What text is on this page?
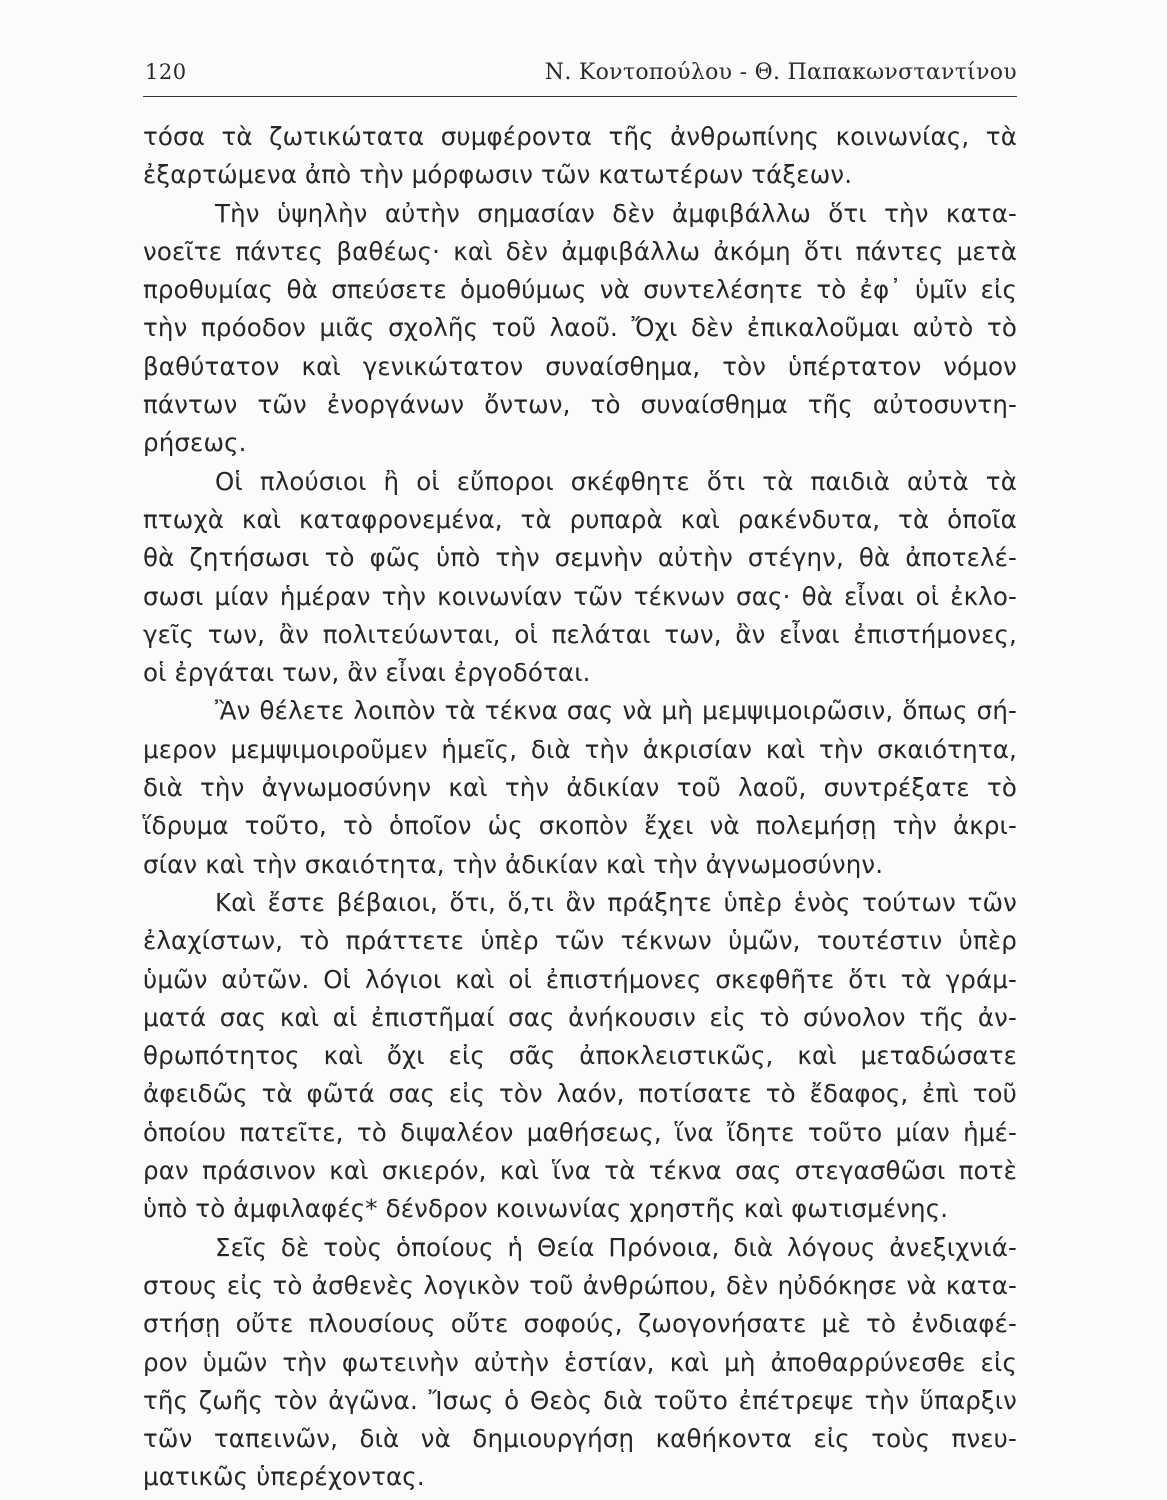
120	Ν. Κοντοπούλου - Θ. Παπακωνσταντίνου
τόσα τὰ ζωτικώτατα συμφέροντα τῆς ἀνθρωπίνης κοινωνίας, τὰ
ἐξαρτώμενα ἀπὸ τὴν μόρφωσιν τῶν κατωτέρων τάξεων.
Τὴν ὑψηλὴν αὐτὴν σημασίαν δὲν ἀμφιβάλλω ὅτι τὴν κατα-
νοεῖτε πάντες βαθέως· καὶ δὲν ἀμφιβάλλω ἀκόμη ὅτι πάντες μετὰ
προθυμίας θὰ σπεύσετε ὁμοθύμως νὰ συντελέσητε τὸ ἐφ᾽ ὑμῖν εἰς
τὴν πρόοδον μιᾶς σχολῆς τοῦ λαοῦ. Ὄχι δὲν ἐπικαλοῦμαι αὐτὸ τὸ
βαθύτατον καὶ γενικώτατον συναίσθημα, τὸν ὑπέρτατον νόμον
πάντων τῶν ἐνοργάνων ὄντων, τὸ συναίσθημα τῆς αὐτοσυντη-
ρήσεως.
Οἱ πλούσιοι ἢ οἱ εὔποροι σκέφθητε ὅτι τὰ παιδιὰ αὐτὰ τὰ
πτωχὰ καὶ καταφρονεμένα, τὰ ρυπαρὰ καὶ ρακένδυτα, τὰ ὁποῖα
θὰ ζητήσωσι τὸ φῶς ὑπὸ τὴν σεμνὴν αὐτὴν στέγην, θὰ ἀποτελέ-
σωσι μίαν ἡμέραν τὴν κοινωνίαν τῶν τέκνων σας· θὰ εἶναι οἱ ἐκλο-
γεῖς των, ἂν πολιτεύωνται, οἱ πελάται των, ἂν εἶναι ἐπιστήμονες,
οἱ ἐργάται των, ἂν εἶναι ἐργοδόται.
Ἂν θέλετε λοιπὸν τὰ τέκνα σας νὰ μὴ μεμψιμοιρῶσιν, ὅπως σή-
μερον μεμψιμοιροῦμεν ἡμεῖς, διὰ τὴν ἀκρισίαν καὶ τὴν σκαιότητα,
διὰ τὴν ἀγνωμοσύνην καὶ τὴν ἀδικίαν τοῦ λαοῦ, συντρέξατε τὸ
ἵδρυμα τοῦτο, τὸ ὁποῖον ὡς σκοπὸν ἔχει νὰ πολεμήσῃ τὴν ἀκρι-
σίαν καὶ τὴν σκαιότητα, τὴν ἀδικίαν καὶ τὴν ἀγνωμοσύνην.
Καὶ ἔστε βέβαιοι, ὅτι, ὅ,τι ἂν πράξητε ὑπὲρ ἑνὸς τούτων τῶν
ἐλαχίστων, τὸ πράττετε ὑπὲρ τῶν τέκνων ὑμῶν, τουτέστιν ὑπὲρ
ὑμῶν αὐτῶν. Οἱ λόγιοι καὶ οἱ ἐπιστήμονες σκεφθῆτε ὅτι τὰ γράμ-
ματά σας καὶ αἱ ἐπιστῆμαί σας ἀνήκουσιν εἰς τὸ σύνολον τῆς ἀν-
θρωπότητος καὶ ὄχι εἰς σᾶς ἀποκλειστικῶς, καὶ μεταδώσατε
ἀφειδῶς τὰ φῶτά σας εἰς τὸν λαόν, ποτίσατε τὸ ἔδαφος, ἐπὶ τοῦ
ὁποίου πατεῖτε, τὸ διψαλέον μαθήσεως, ἵνα ἴδητε τοῦτο μίαν ἡμέ-
ραν πράσινον καὶ σκιερόν, καὶ ἵνα τὰ τέκνα σας στεγασθῶσι ποτὲ
ὑπὸ τὸ ἀμφιλαφές* δένδρον κοινωνίας χρηστῆς καὶ φωτισμένης.
Σεῖς δὲ τοὺς ὁποίους ἡ Θεία Πρόνοια, διὰ λόγους ἀνεξιχνιά-
στους εἰς τὸ ἀσθενὲς λογικὸν τοῦ ἀνθρώπου, δὲν ηὐδόκησε νὰ κατα-
στήσῃ οὔτε πλουσίους οὔτε σοφούς, ζωογονήσατε μὲ τὸ ἐνδιαφέ-
ρον ὑμῶν τὴν φωτεινὴν αὐτὴν ἑστίαν, καὶ μὴ ἀποθαρρύνεσθε εἰς
τῆς ζωῆς τὸν ἀγῶνα. Ἴσως ὁ Θεὸς διὰ τοῦτο ἐπέτρεψε τὴν ὕπαρξιν
τῶν ταπεινῶν, διὰ νὰ δημιουργήσῃ καθήκοντα εἰς τοὺς πνευ-
ματικῶς ὑπερέχοντας.
